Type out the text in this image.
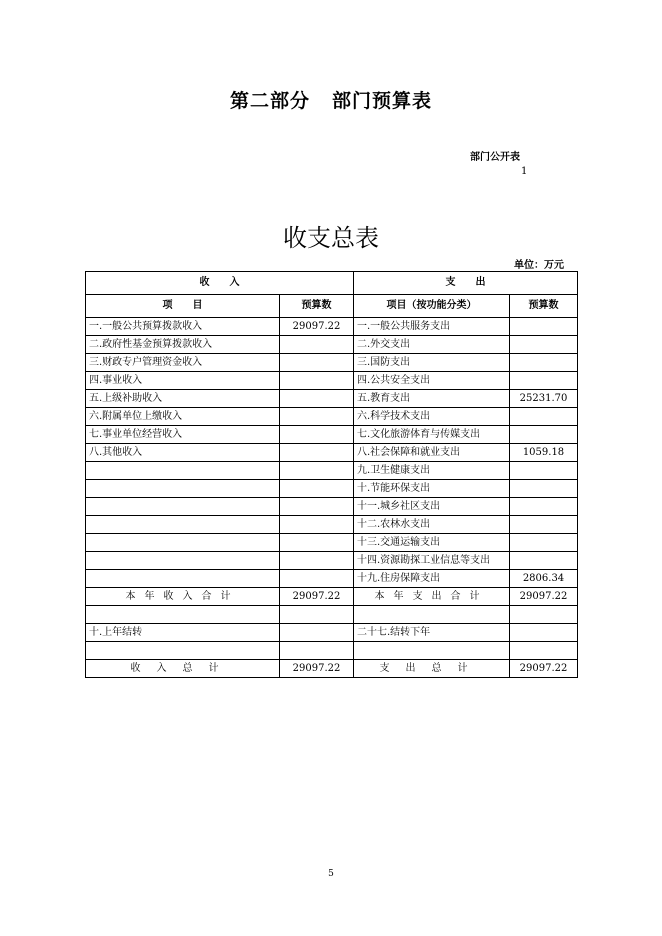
第二部分 部门预算表
部门公开表
1
收支总表
单位：万元
收　　入		支　　出	
项　　目	预算数	项目（按功能分类）	预算数
一.一般公共预算拨款收入	29097.22	一.一般公共服务支出	
二.政府性基金预算拨款收入		二.外交支出	
三.财政专户管理资金收入		三.国防支出	
四.事业收入		四.公共安全支出	
五.上级补助收入		五.教育支出	25231.70
六.附属单位上缴收入		六.科学技术支出	
七.事业单位经营收入		七.文化旅游体育与传媒支出	
八.其他收入		八.社会保障和就业支出	1059.18
		九.卫生健康支出	
		十.节能环保支出	
		十一.城乡社区支出	
		十二.农林水支出	
		十三.交通运输支出	
		十四.资源勘探工业信息等支出	
		十九.住房保障支出	2806.34
本年收入合计	29097.22	本年支出合计	29097.22

十.上年结转		二十七.结转下年	

收入总计	29097.22	支出总计	29097.22
5
